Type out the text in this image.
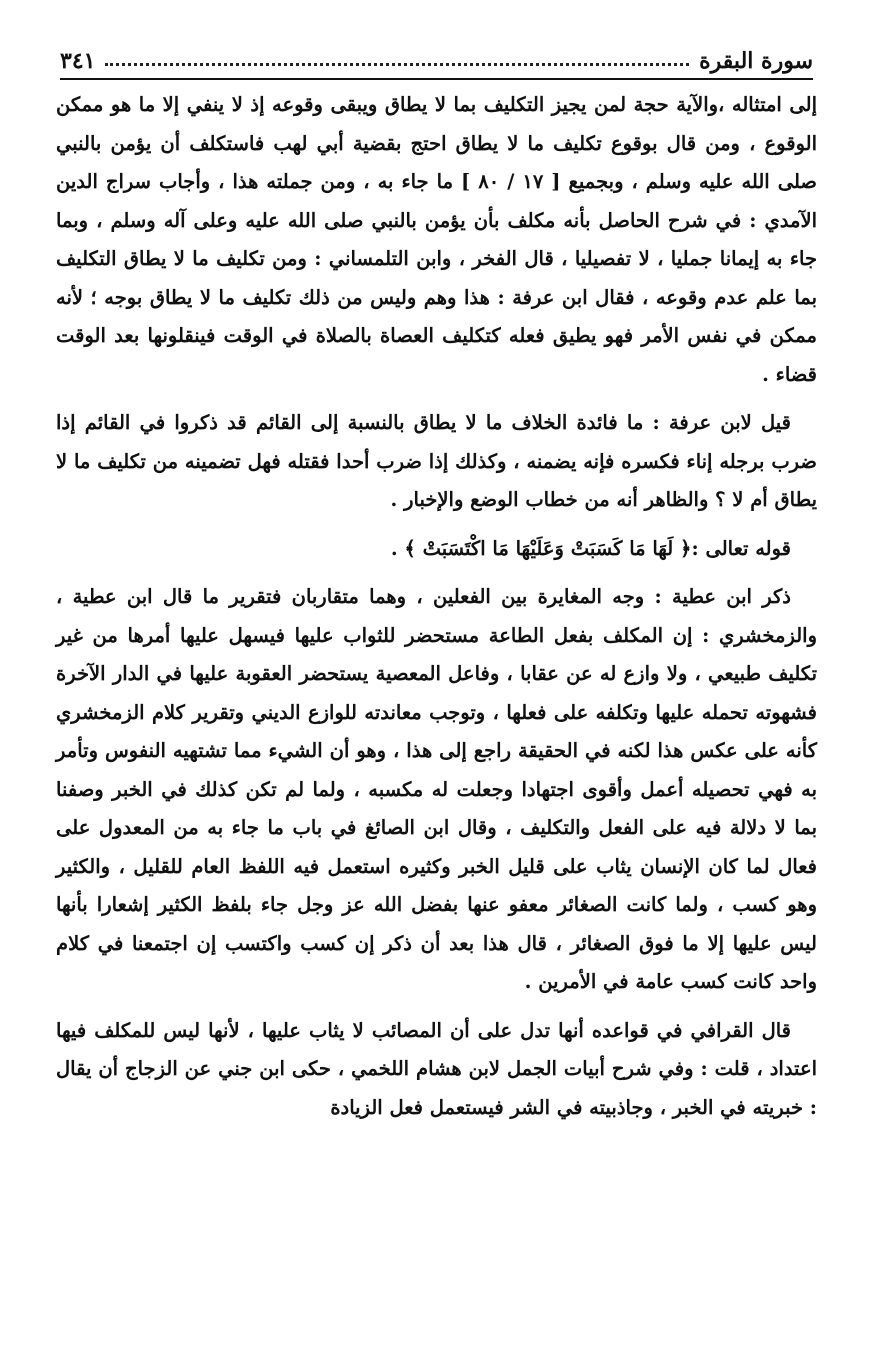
سورة البقرة
٣٤١

إلى امتثاله ،والآية حجة لمن يجيز التكليف بما لا يطاق ويبقى وقوعه إذ لا ينفي إلا ما هو ممكن الوقوع ، ومن قال بوقوع تكليف ما لا يطاق احتج بقضية أبي لهب فاستكلف أن يؤمن بالنبي صلى الله عليه وسلم ، وبجميع [ ١٧ / ٨٠ ] ما جاء به ، ومن جملته هذا ، وأجاب سراج الدين الآمدي : في شرح الحاصل بأنه مكلف بأن يؤمن بالنبي صلى الله عليه وعلى آله وسلم ، وبما جاء به إيمانا جمليا ، لا تفصيليا ، قال الفخر ، وابن التلمساني : ومن تكليف ما لا يطاق التكليف بما علم عدم وقوعه ، فقال ابن عرفة : هذا وهم وليس من ذلك تكليف ما لا يطاق بوجه ؛ لأنه ممكن في نفس الأمر فهو يطيق فعله كتكليف العصاة بالصلاة في الوقت فينقلونها بعد الوقت قضاء .

قيل لابن عرفة : ما فائدة الخلاف ما لا يطاق بالنسبة إلى القائم قد ذكروا في القائم إذا ضرب برجله إناء فكسره فإنه يضمنه ، وكذلك إذا ضرب أحدا فقتله فهل تضمينه من تكليف ما لا يطاق أم لا ؟ والظاهر أنه من خطاب الوضع والإخبار .

قوله تعالى :﴿ لَهَا مَا كَسَبَتْ وَعَلَيْهَا مَا اكْتَسَبَتْ ﴾ .

ذكر ابن عطية : وجه المغايرة بين الفعلين ، وهما متقاربان فتقرير ما قال ابن عطية ، والزمخشري : إن المكلف بفعل الطاعة مستحضر للثواب عليها فيسهل عليها أمرها من غير تكليف طبيعي ، ولا وازع له عن عقابا ، وفاعل المعصية يستحضر العقوبة عليها في الدار الآخرة فشهوته تحمله عليها وتكلفه على فعلها ، وتوجب معاندته للوازع الديني وتقرير كلام الزمخشري كأنه على عكس هذا لكنه في الحقيقة راجع إلى هذا ، وهو أن الشيء مما تشتهيه النفوس وتأمر به فهي تحصيله أعمل وأقوى اجتهادا وجعلت له مكسبه ، ولما لم تكن كذلك في الخبر وصفنا بما لا دلالة فيه على الفعل والتكليف ، وقال ابن الصائغ في باب ما جاء به من المعدول على فعال لما كان الإنسان يثاب على قليل الخبر وكثيره استعمل فيه اللفظ العام للقليل ، والكثير وهو كسب ، ولما كانت الصغائر معفو عنها بفضل الله عز وجل جاء بلفظ الكثير إشعارا بأنها ليس عليها إلا ما فوق الصغائر ، قال هذا بعد أن ذكر إن كسب واكتسب إن اجتمعنا في كلام واحد كانت كسب عامة في الأمرين .

قال القرافي في قواعده أنها تدل على أن المصائب لا يثاب عليها ، لأنها ليس للمكلف فيها اعتداد ، قلت : وفي شرح أبيات الجمل لابن هشام اللخمي ، حكى ابن جني عن الزجاج أن يقال : خبريته في الخبر ، وجاذبيته في الشر فيستعمل فعل الزيادة
